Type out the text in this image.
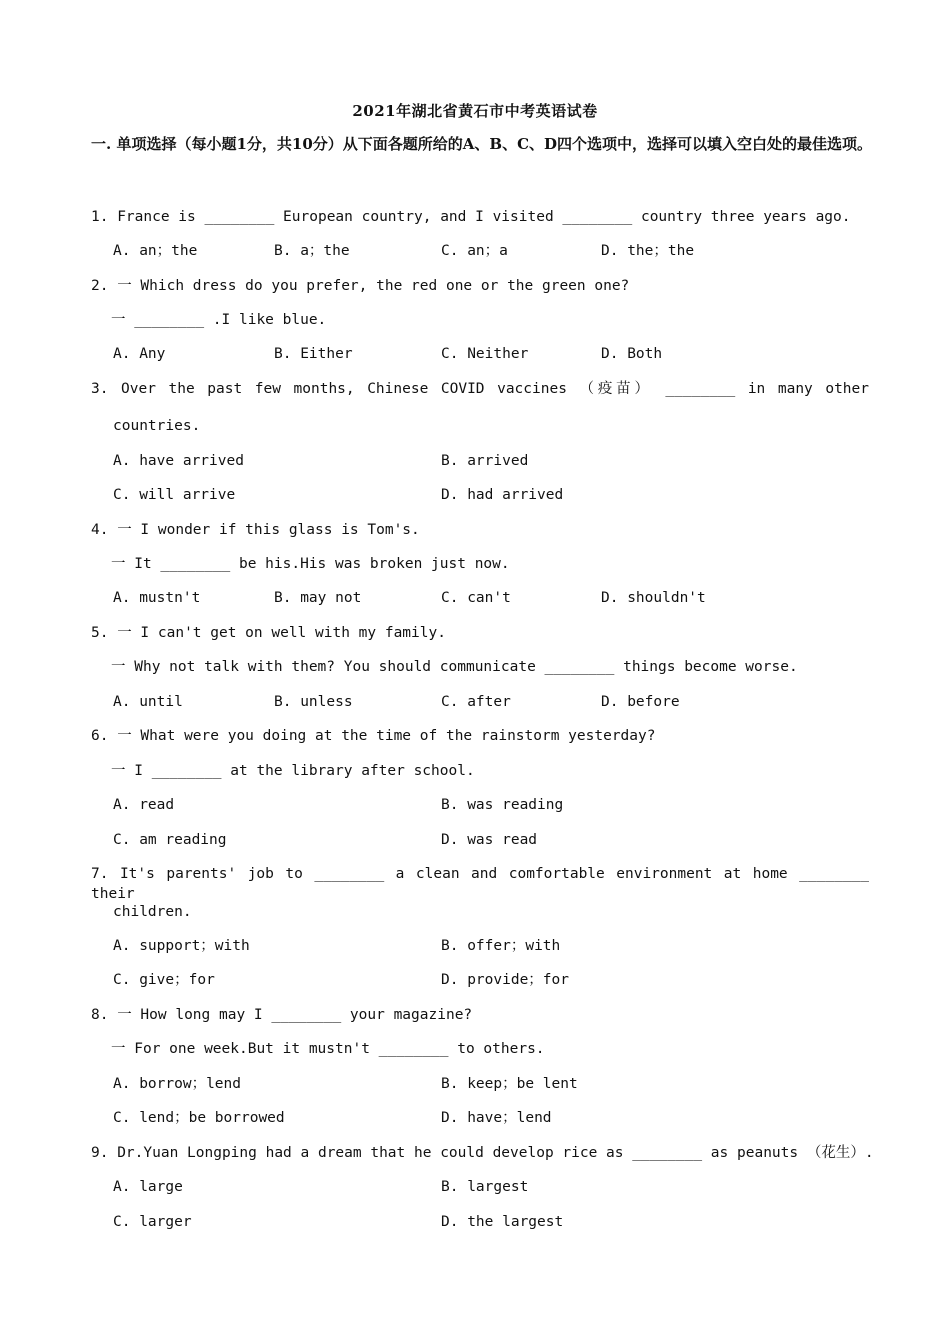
2021年湖北省黄石市中考英语试卷
一. 单项选择（每小题1分，共10分）从下面各题所给的A、B、C、D四个选项中，选择可以填入空白处的最佳选项。
1. France is ________ European country, and I visited ________ country three years ago.
A. an；the	B. a；the	C. an；a	D. the；the
2. 一 Which dress do you prefer, the red one or the green one?
一 ________ .I like blue.
A. Any	B. Either	C. Neither	D. Both
3. Over the past few months, Chinese COVID vaccines （疫苗） ________ in many other
countries.
A. have arrived	B. arrived
C. will arrive	D. had arrived
4. 一 I wonder if this glass is Tom's.
一 It ________ be his.His was broken just now.
A. mustn't	B. may not	C. can't	D. shouldn't
5. 一 I can't get on well with my family.
一 Why not talk with them? You should communicate ________ things become worse.
A. until	B. unless	C. after	D. before
6. 一 What were you doing at the time of the rainstorm yesterday?
一 I ________ at the library after school.
A. read	B. was reading
C. am reading	D. was read
7. It's parents' job to ________ a clean and comfortable environment at home ________ their
children.
A. support；with	B. offer；with
C. give；for	D. provide；for
8. 一 How long may I ________ your magazine?
一 For one week.But it mustn't ________ to others.
A. borrow；lend	B. keep；be lent
C. lend；be borrowed	D. have；lend
9. Dr.Yuan Longping had a dream that he could develop rice as ________ as peanuts （花生）.
A. large	B. largest
C. larger	D. the largest
